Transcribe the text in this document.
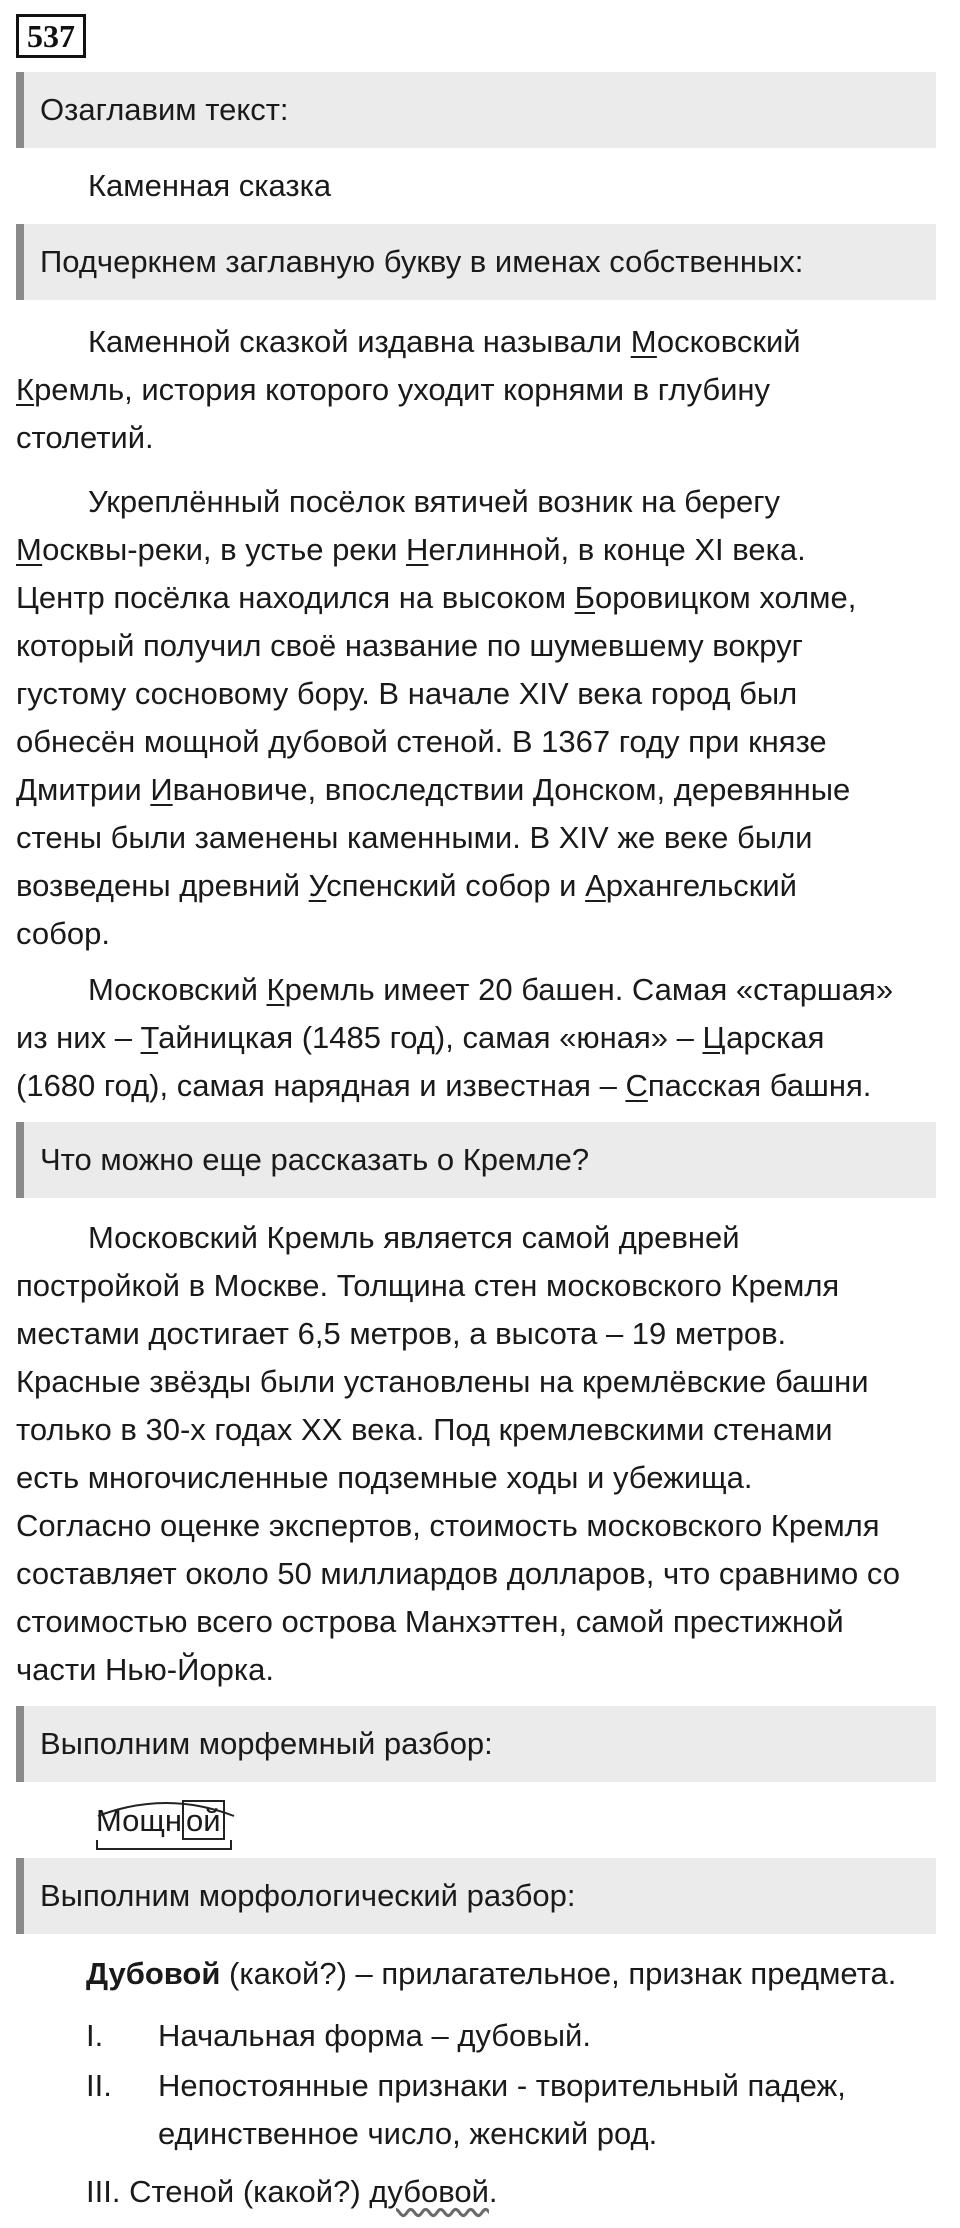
537
Озаглавим текст:
Каменная сказка
Подчеркнем заглавную букву в именах собственных:
Каменной сказкой издавна называли Московский
Кремль, история которого уходит корнями в глубину
столетий.
Укреплённый посёлок вятичей возник на берегу
Москвы-реки, в устье реки Неглинной, в конце XI века.
Центр посёлка находился на высоком Боровицком холме,
который получил своё название по шумевшему вокруг
густому сосновому бору. В начале XIV века город был
обнесён мощной дубовой стеной. В 1367 году при князе
Дмитрии Ивановиче, впоследствии Донском, деревянные
стены были заменены каменными. В XIV же веке были
возведены древний Успенский собор и Архангельский
собор.
Московский Кремль имеет 20 башен. Самая «старшая»
из них – Тайницкая (1485 год), самая «юная» – Царская
(1680 год), самая нарядная и известная – Спасская башня.
Что можно еще рассказать о Кремле?
Московский Кремль является самой древней
постройкой в Москве. Толщина стен московского Кремля
местами достигает 6,5 метров, а высота – 19 метров.
Красные звёзды были установлены на кремлёвские башни
только в 30-х годах XX века. Под кремлевскими стенами
есть многочисленные подземные ходы и убежища.
Согласно оценке экспертов, стоимость московского Кремля
составляет около 50 миллиардов долларов, что сравнимо со
стоимостью всего острова Манхэттен, самой престижной
части Нью-Йорка.
Выполним морфемный разбор:
Мощн ой
Выполним морфологический разбор:
Дубовой (какой?) – прилагательное, признак предмета.
I. Начальная форма – дубовый.
II. Непостоянные признаки - творительный падеж,
единственное число, женский род.
III. Стеной (какой?) дубовой.
